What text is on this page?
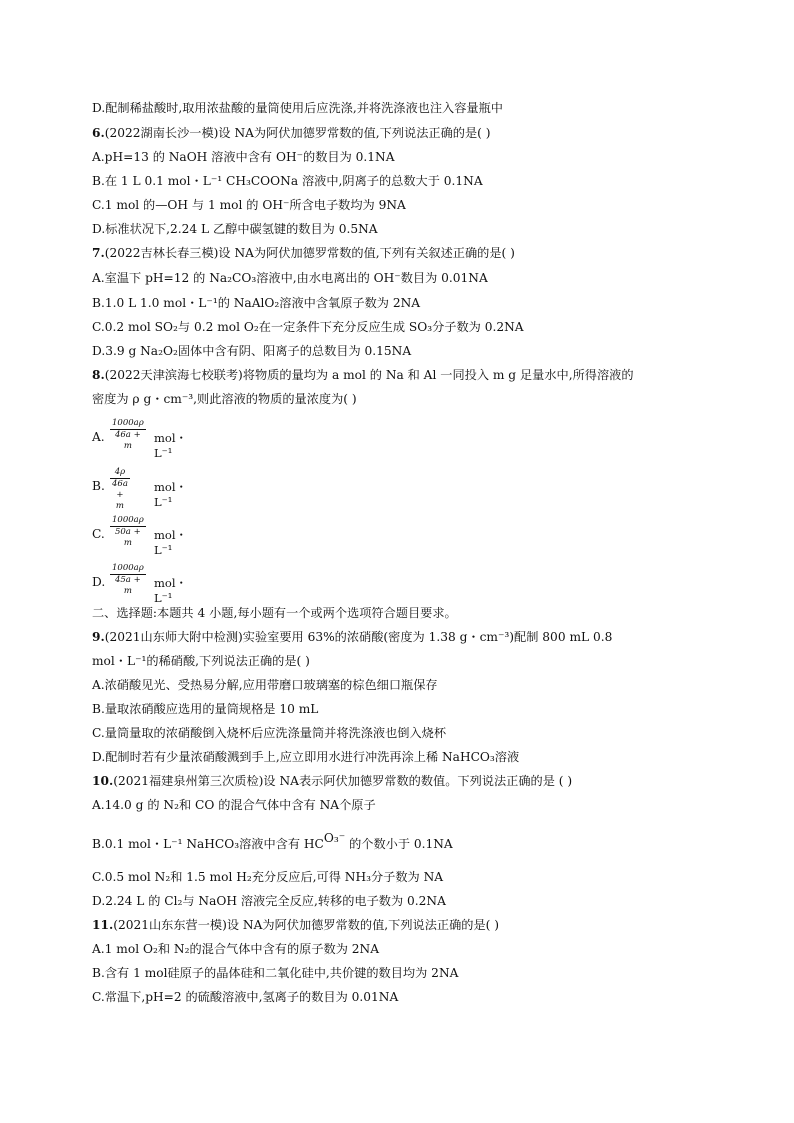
D.配制稀盐酸时,取用浓盐酸的量筒使用后应洗涤,并将洗涤液也注入容量瓶中
6.(2022湖南长沙一模)设 NA为阿伏加德罗常数的值,下列说法正确的是( )
A.pH=13 的 NaOH 溶液中含有 OH⁻的数目为 0.1NA
B.在 1 L 0.1 mol・L⁻¹ CH₃COONa 溶液中,阴离子的总数大于 0.1NA
C.1 mol 的—OH 与 1 mol 的 OH⁻所含电子数均为 9NA
D.标准状况下,2.24 L 乙醇中碳氢键的数目为 0.5NA
7.(2022吉林长春三模)设 NA为阿伏加德罗常数的值,下列有关叙述正确的是( )
A.室温下 pH=12 的 Na₂CO₃溶液中,由水电离出的 OH⁻数目为 0.01NA
B.1.0 L 1.0 mol・L⁻¹的 NaAlO₂溶液中含氧原子数为 2NA
C.0.2 mol SO₂与 0.2 mol O₂在一定条件下充分反应生成 SO₃分子数为 0.2NA
D.3.9 g Na₂O₂固体中含有阴、阳离子的总数目为 0.15NA
8.(2022天津滨海七校联考)将物质的量均为 a mol 的 Na 和 Al 一同投入 m g 足量水中,所得溶液的
密度为 ρ g・cm⁻³,则此溶液的物质的量浓度为( )
A. $\frac{1000a\rho}{46a + m}$ mol・L⁻¹
B. $\frac{4\rho}{46a + m}$ mol・L⁻¹
C. $\frac{1000a\rho}{50a + m}$ mol・L⁻¹
D. $\frac{1000a\rho}{45a + m}$ mol・L⁻¹
二、选择题:本题共 4 小题,每小题有一个或两个选项符合题目要求。
9.(2021山东师大附中检测)实验室要用 63%的浓硝酸(密度为 1.38 g・cm⁻³)配制 800 mL 0.8
mol・L⁻¹的稀硝酸,下列说法正确的是( )
A.浓硝酸见光、受热易分解,应用带磨口玻璃塞的棕色细口瓶保存
B.量取浓硝酸应选用的量筒规格是 10 mL
C.量筒量取的浓硝酸倒入烧杯后应洗涤量筒并将洗涤液也倒入烧杯
D.配制时若有少量浓硝酸溅到手上,应立即用水进行冲洗再涂上稀 NaHCO₃溶液
10.(2021福建泉州第三次质检)设 NA表示阿伏加德罗常数的数值。下列说法正确的是 ( )
A.14.0 g 的 N₂和 CO 的混合气体中含有 NA个原子
B.0.1 mol・L⁻¹ NaHCO₃溶液中含有 HCO₃⁻ 的个数小于 0.1NA
C.0.5 mol N₂和 1.5 mol H₂充分反应后,可得 NH₃分子数为 NA
D.2.24 L 的 Cl₂与 NaOH 溶液完全反应,转移的电子数为 0.2NA
11.(2021山东东营一模)设 NA为阿伏加德罗常数的值,下列说法正确的是( )
A.1 mol O₂和 N₂的混合气体中含有的原子数为 2NA
B.含有 1 mol硅原子的晶体硅和二氧化硅中,共价键的数目均为 2NA
C.常温下,pH=2 的硫酸溶液中,氢离子的数目为 0.01NA
